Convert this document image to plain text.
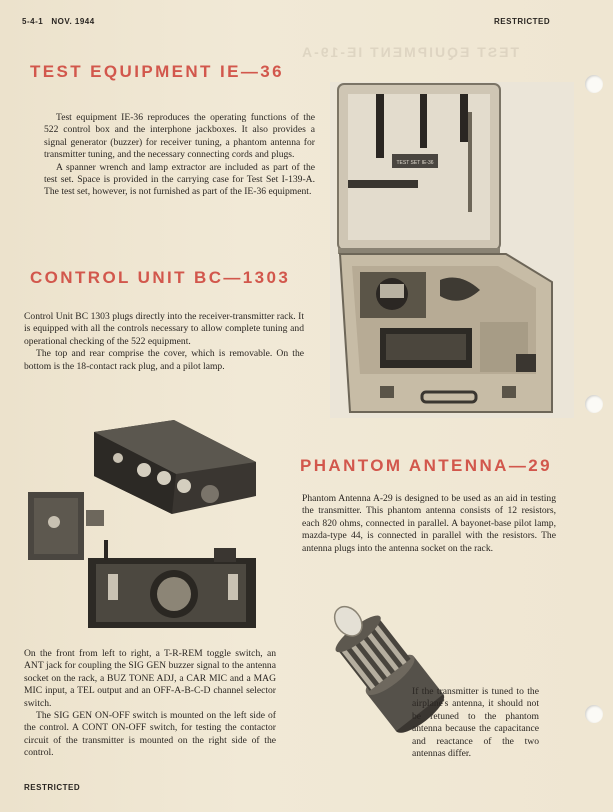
5-4-1 NOV. 1944	RESTRICTED
TEST EQUIPMENT IE-19-A
TEST EQUIPMENT IE—36

Test equipment IE-36 reproduces the operating functions of the 522 control box and the interphone jackboxes. It also provides a signal generator (buzzer) for receiver tuning, a phantom antenna for transmitter tuning, and the necessary connecting cords and plugs.

A spanner wrench and lamp extractor are included as part of the test set. Space is provided in the carrying case for Test Set I-139-A. The test set, however, is not furnished as part of the IE-36 equipment.

TEST SET IE-36
CONTROL UNIT BC—1303

Control Unit BC 1303 plugs directly into the receiver-transmitter rack. It is equipped with all the controls necessary to allow complete tuning and operational checking of the 522 equipment.

The top and rear comprise the cover, which is removable. On the bottom is the 18-contact rack plug, and a pilot lamp.

PHANTOM ANTENNA—29

Phantom Antenna A-29 is designed to be used as an aid in testing the transmitter. This phantom antenna consists of 12 resistors, each 820 ohms, connected in parallel. A bayonet-base pilot lamp, mazda-type 44, is connected in parallel with the resistors. The antenna plugs into the antenna socket on the rack.

If the transmitter is tuned to the airplane's antenna, it should not be retuned to the phantom antenna because the capacitance and reactance of the two antennas differ.

On the front from left to right, a T-R-REM toggle switch, an ANT jack for coupling the SIG GEN buzzer signal to the antenna socket on the rack, a BUZ TONE ADJ, a CAR MIC and a MAG MIC input, a TEL output and an OFF-A-B-C-D channel selector switch.

The SIG GEN ON-OFF switch is mounted on the left side of the control. A CONT ON-OFF switch, for testing the contactor circuit of the transmitter is mounted on the right side of the control.

RESTRICTED
